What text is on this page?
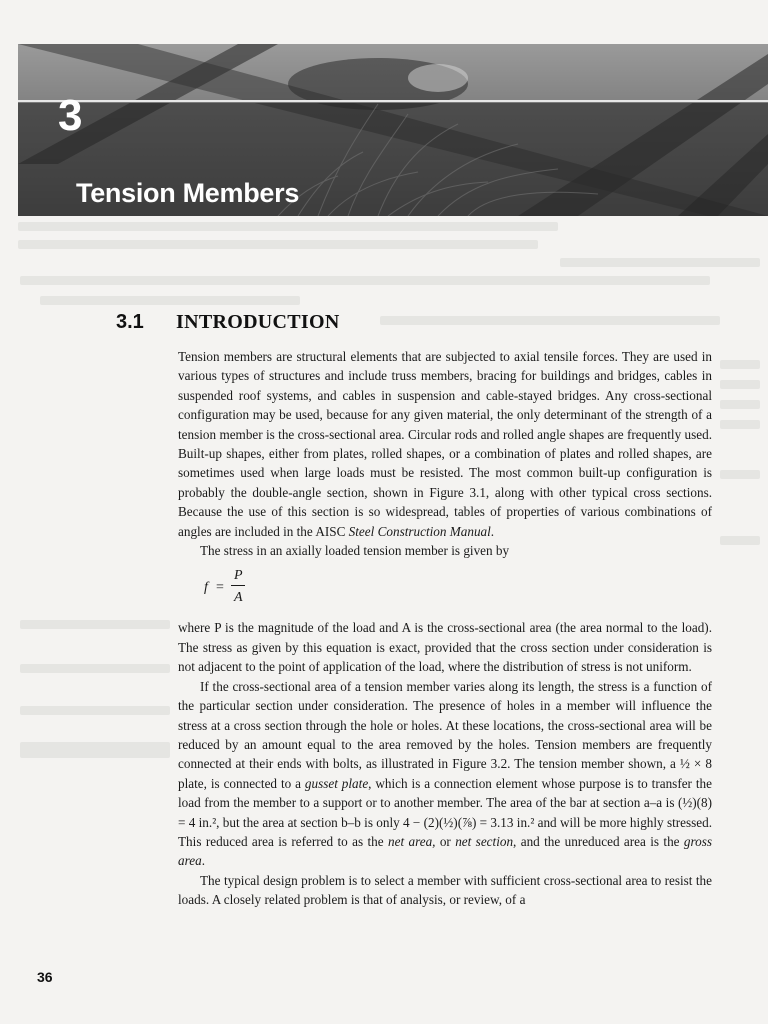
3
Tension Members
3.1 INTRODUCTION

Tension members are structural elements that are subjected to axial tensile forces. They are used in various types of structures and include truss members, bracing for buildings and bridges, cables in suspended roof systems, and cables in suspension and cable-stayed bridges. Any cross-sectional configuration may be used, because for any given material, the only determinant of the strength of a tension member is the cross-sectional area. Circular rods and rolled angle shapes are frequently used. Built-up shapes, either from plates, rolled shapes, or a combination of plates and rolled shapes, are sometimes used when large loads must be resisted. The most common built-up configuration is probably the double-angle section, shown in Figure 3.1, along with other typical cross sections. Because the use of this section is so widespread, tables of properties of various combinations of angles are included in the AISC Steel Construction Manual.

The stress in an axially loaded tension member is given by

f =
P
A

where P is the magnitude of the load and A is the cross-sectional area (the area normal to the load). The stress as given by this equation is exact, provided that the cross section under consideration is not adjacent to the point of application of the load, where the distribution of stress is not uniform.

If the cross-sectional area of a tension member varies along its length, the stress is a function of the particular section under consideration. The presence of holes in a member will influence the stress at a cross section through the hole or holes. At these locations, the cross-sectional area will be reduced by an amount equal to the area removed by the holes. Tension members are frequently connected at their ends with bolts, as illustrated in Figure 3.2. The tension member shown, a ½ × 8 plate, is connected to a gusset plate, which is a connection element whose purpose is to transfer the load from the member to a support or to another member. The area of the bar at section a–a is (½)(8) = 4 in.², but the area at section b–b is only 4 − (2)(½)(⅞) = 3.13 in.² and will be more highly stressed. This reduced area is referred to as the net area, or net section, and the unreduced area is the gross area.

The typical design problem is to select a member with sufficient cross-sectional area to resist the loads. A closely related problem is that of analysis, or review, of a

36
